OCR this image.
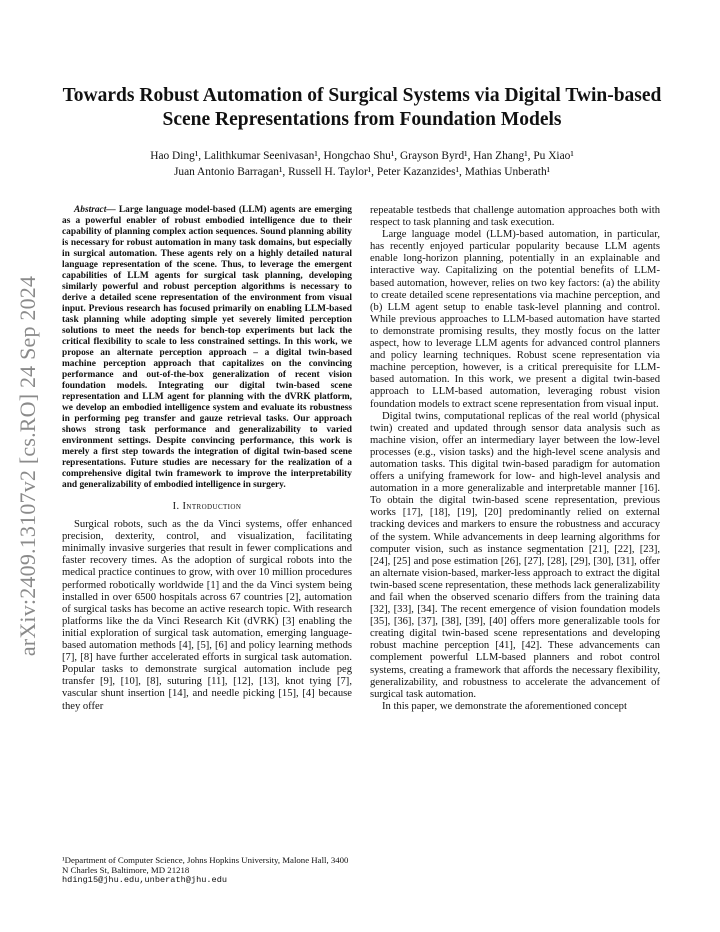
arXiv:2409.13107v2 [cs.RO] 24 Sep 2024
Towards Robust Automation of Surgical Systems via Digital Twin-based Scene Representations from Foundation Models
Hao Ding¹, Lalithkumar Seenivasan¹, Hongchao Shu¹, Grayson Byrd¹, Han Zhang¹, Pu Xiao¹
Juan Antonio Barragan¹, Russell H. Taylor¹, Peter Kazanzides¹, Mathias Unberath¹

Abstract— Large language model-based (LLM) agents are emerging as a powerful enabler of robust embodied intelligence due to their capability of planning complex action sequences. Sound planning ability is necessary for robust automation in many task domains, but especially in surgical automation. These agents rely on a highly detailed natural language representation of the scene. Thus, to leverage the emergent capabilities of LLM agents for surgical task planning, developing similarly powerful and robust perception algorithms is necessary to derive a detailed scene representation of the environment from visual input. Previous research has focused primarily on enabling LLM-based task planning while adopting simple yet severely limited perception solutions to meet the needs for bench-top experiments but lack the critical flexibility to scale to less constrained settings. In this work, we propose an alternate perception approach – a digital twin-based machine perception approach that capitalizes on the convincing performance and out-of-the-box generalization of recent vision foundation models. Integrating our digital twin-based scene representation and LLM agent for planning with the dVRK platform, we develop an embodied intelligence system and evaluate its robustness in performing peg transfer and gauze retrieval tasks. Our approach shows strong task performance and generalizability to varied environment settings. Despite convincing performance, this work is merely a first step towards the integration of digital twin-based scene representations. Future studies are necessary for the realization of a comprehensive digital twin framework to improve the interpretability and generalizability of embodied intelligence in surgery.

I. Introduction

Surgical robots, such as the da Vinci systems, offer enhanced precision, dexterity, control, and visualization, facilitating minimally invasive surgeries that result in fewer complications and faster recovery times. As the adoption of surgical robots into the medical practice continues to grow, with over 10 million procedures performed robotically worldwide [1] and the da Vinci system being installed in over 6500 hospitals across 67 countries [2], automation of surgical tasks has become an active research topic. With research platforms like the da Vinci Research Kit (dVRK) [3] enabling the initial exploration of surgical task automation, emerging language-based automation methods [4], [5], [6] and policy learning methods [7], [8] have further accelerated efforts in surgical task automation. Popular tasks to demonstrate surgical automation include peg transfer [9], [10], [8], suturing [11], [12], [13], knot tying [7], vascular shunt insertion [14], and needle picking [15], [4] because they offer

¹Department of Computer Science, Johns Hopkins University, Malone Hall, 3400 N Charles St, Baltimore, MD 21218
hding15@jhu.edu,unberath@jhu.edu

repeatable testbeds that challenge automation approaches both with respect to task planning and task execution.

Large language model (LLM)-based automation, in particular, has recently enjoyed particular popularity because LLM agents enable long-horizon planning, potentially in an explainable and interactive way. Capitalizing on the potential benefits of LLM-based automation, however, relies on two key factors: (a) the ability to create detailed scene representations via machine perception, and (b) LLM agent setup to enable task-level planning and control. While previous approaches to LLM-based automation have started to demonstrate promising results, they mostly focus on the latter aspect, how to leverage LLM agents for advanced control planners and policy learning techniques. Robust scene representation via machine perception, however, is a critical prerequisite for LLM-based automation. In this work, we present a digital twin-based approach to LLM-based automation, leveraging robust vision foundation models to extract scene representation from visual input.

Digital twins, computational replicas of the real world (physical twin) created and updated through sensor data analysis such as machine vision, offer an intermediary layer between the low-level processes (e.g., vision tasks) and the high-level scene analysis and automation tasks. This digital twin-based paradigm for automation offers a unifying framework for low- and high-level analysis and automation in a more generalizable and interpretable manner [16]. To obtain the digital twin-based scene representation, previous works [17], [18], [19], [20] predominantly relied on external tracking devices and markers to ensure the robustness and accuracy of the system. While advancements in deep learning algorithms for computer vision, such as instance segmentation [21], [22], [23], [24], [25] and pose estimation [26], [27], [28], [29], [30], [31], offer an alternate vision-based, marker-less approach to extract the digital twin-based scene representation, these methods lack generalizability and fail when the observed scenario differs from the training data [32], [33], [34]. The recent emergence of vision foundation models [35], [36], [37], [38], [39], [40] offers more generalizable tools for creating digital twin-based scene representations and developing robust machine perception [41], [42]. These advancements can complement powerful LLM-based planners and robot control systems, creating a framework that affords the necessary flexibility, generalizability, and robustness to accelerate the advancement of surgical task automation.

In this paper, we demonstrate the aforementioned concept
